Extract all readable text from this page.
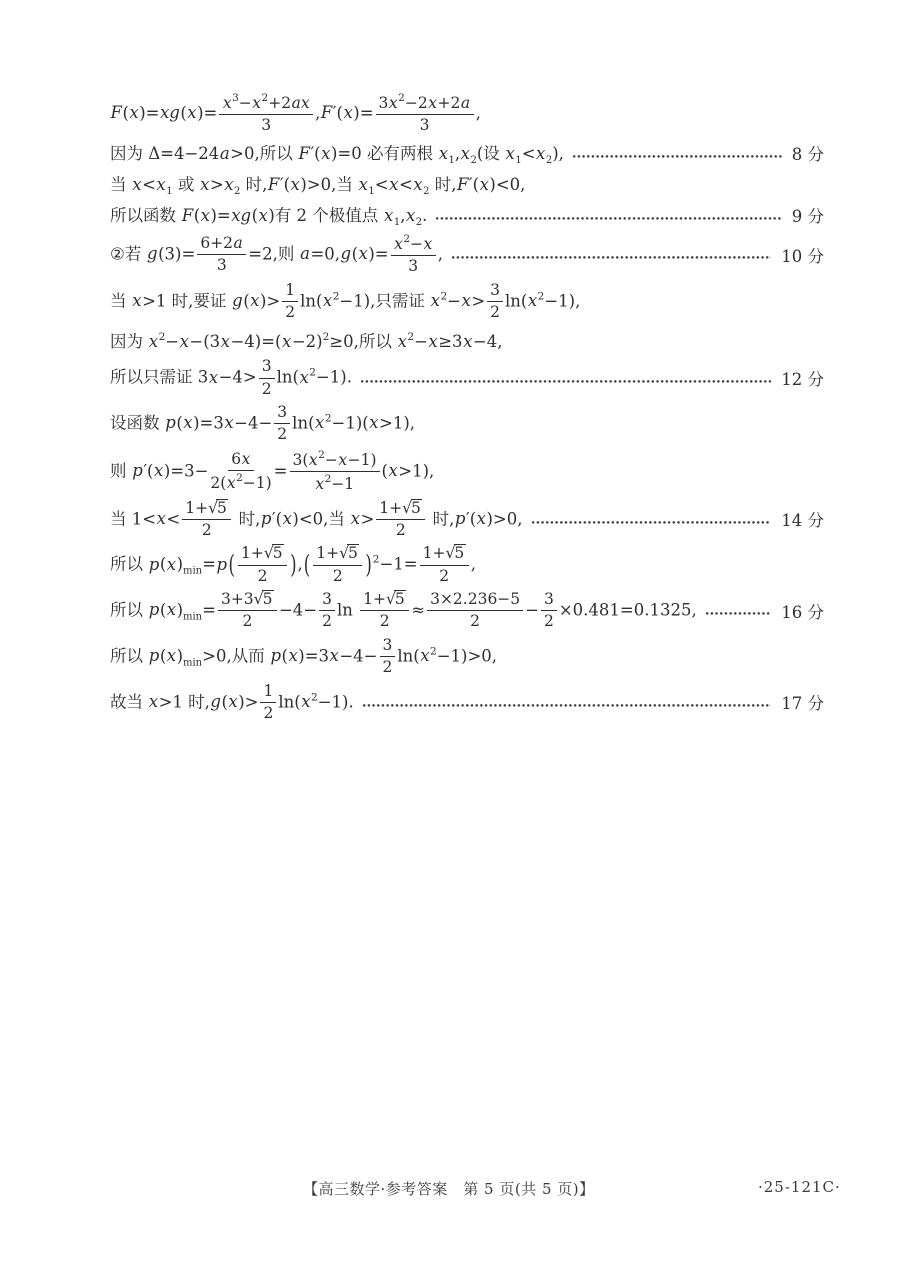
$F(x)=xg(x)= \frac{x^3-x^2+2ax}{3} ,F'(x)= \frac{3x^2-2x+2a}{3}$ ,
因为 Δ=4−24a>0,所以 F′(x)=0 必有两根 $x_1,x_2$(设 $x_1<x_2$),	8 分
当 $x<x_1$ 或 $x>x_2$ 时,F′(x)>0,当 $x_1<x<x_2$ 时,F′(x)<0,
所以函数 F(x)=xg(x)有 2 个极值点 $x_1,x_2$.	9 分
②若 $g(3)= \frac{6+2a}{3} =2$,则 $a=0,g(x)= \frac{x^2-x}{3}$ ,	10 分
当 x>1 时,要证 $g(x)> \frac{1}{2} \ln(x^2-1)$,只需证 $x^2-x> \frac{3}{2} \ln(x^2-1)$,
因为 $x^2-x-(3x-4)=(x-2)^2\ge 0$,所以 $x^2-x\ge 3x-4$,
所以只需证 $3x-4> \frac{3}{2} \ln(x^2-1)$.	12 分
设函数 $p(x)=3x-4- \frac{3}{2} \ln(x^2-1)(x>1)$,
则 $p'(x)=3- \frac{6x}{2(x^2-1)} = \frac{3(x^2-x-1)}{x^2-1} (x>1)$,
当 $1<x< \frac{1+√5}{2}$ 时,p′(x)<0,当 $x> \frac{1+√5}{2}$ 时,p′(x)>0,	14 分
所以 $p(x)_{min}=p( \frac{1+√5}{2}$ ),( $\frac{1+√5}{2} )^2-1= \frac{1+√5}{2}$ ,
所以 $p(x)_{min}= \frac{3+3√5}{2} -4- \frac{3}{2}$ $\ln \frac{1+√5}{2} \approx \frac{3\times 2.236-5}{2} - \frac{3}{2} \times 0.481=0.1325$,	16 分
所以 $p(x)_{min}>0$,从而 $p(x)=3x-4- \frac{3}{2} \ln(x^2-1)>0$,
故当 x>1 时$,g(x)> \frac{1}{2} \ln(x^2-1)$.	17 分
【高三数学·参考答案　第 5 页(共 5 页)】	·25-121C·
